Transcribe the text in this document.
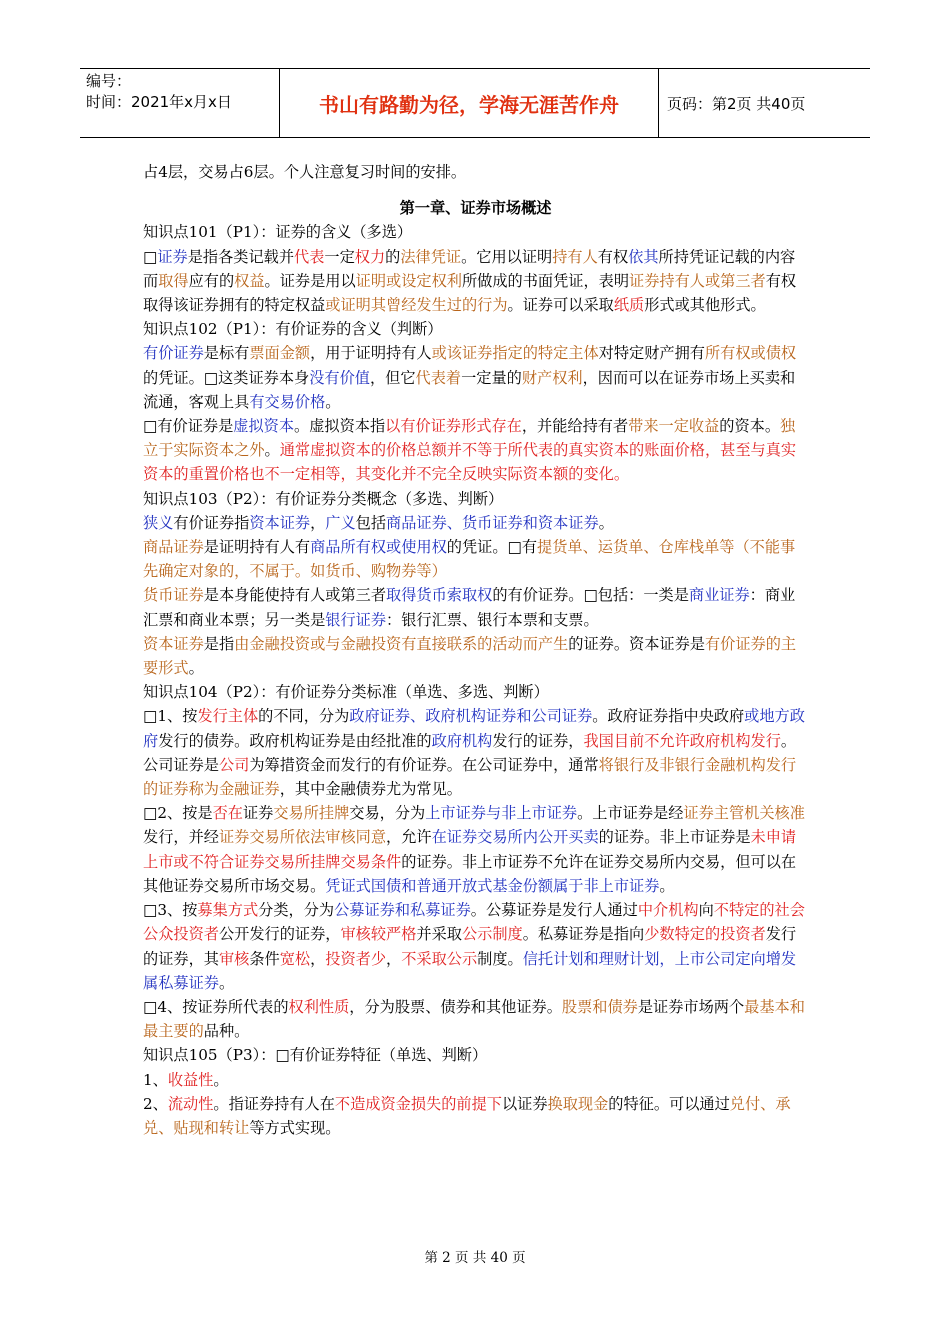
编号：
时间：2021年x月x日	书山有路勤为径，学海无涯苦作舟	页码：第2页 共40页

占4层，交易占6层。个人注意复习时间的安排。

第一章、证券市场概述

知识点101（P1）：证券的含义（多选）

□证券是指各类记载并代表一定权力的法律凭证。它用以证明持有人有权依其所持凭证记载的内容而取得应有的权益。证券是用以证明或设定权利所做成的书面凭证，表明证券持有人或第三者有权取得该证券拥有的特定权益或证明其曾经发生过的行为。证券可以采取纸质形式或其他形式。

知识点102（P1）：有价证券的含义（判断）

有价证券是标有票面金额，用于证明持有人或该证券指定的特定主体对特定财产拥有所有权或债权的凭证。□这类证券本身没有价值，但它代表着一定量的财产权利，因而可以在证券市场上买卖和流通，客观上具有交易价格。

□有价证券是虚拟资本。虚拟资本指以有价证券形式存在，并能给持有者带来一定收益的资本。独立于实际资本之外。通常虚拟资本的价格总额并不等于所代表的真实资本的账面价格，甚至与真实资本的重置价格也不一定相等，其变化并不完全反映实际资本额的变化。

知识点103（P2）：有价证券分类概念（多选、判断）

狭义有价证券指资本证券，广义包括商品证券、货币证券和资本证券。

商品证券是证明持有人有商品所有权或使用权的凭证。□有提货单、运货单、仓库栈单等（不能事先确定对象的，不属于。如货币、购物券等）

货币证券是本身能使持有人或第三者取得货币索取权的有价证券。□包括：一类是商业证券：商业汇票和商业本票；另一类是银行证券：银行汇票、银行本票和支票。

资本证券是指由金融投资或与金融投资有直接联系的活动而产生的证券。资本证券是有价证券的主要形式。

知识点104（P2）：有价证券分类标准（单选、多选、判断）

□1、按发行主体的不同，分为政府证券、政府机构证券和公司证券。政府证券指中央政府或地方政府发行的债券。政府机构证券是由经批准的政府机构发行的证券，我国目前不允许政府机构发行。公司证券是公司为筹措资金而发行的有价证券。在公司证券中，通常将银行及非银行金融机构发行的证券称为金融证券，其中金融债券尤为常见。

□2、按是否在证券交易所挂牌交易，分为上市证券与非上市证券。上市证券是经证券主管机关核准发行，并经证券交易所依法审核同意，允许在证券交易所内公开买卖的证券。非上市证券是未申请上市或不符合证券交易所挂牌交易条件的证券。非上市证券不允许在证券交易所内交易，但可以在其他证券交易所市场交易。凭证式国债和普通开放式基金份额属于非上市证券。

□3、按募集方式分类，分为公募证券和私募证券。公募证券是发行人通过中介机构向不特定的社会公众投资者公开发行的证券，审核较严格并采取公示制度。私募证券是指向少数特定的投资者发行的证券，其审核条件宽松，投资者少，不采取公示制度。信托计划和理财计划，上市公司定向增发属私募证券。

□4、按证券所代表的权利性质，分为股票、债券和其他证券。股票和债券是证券市场两个最基本和最主要的品种。

知识点105（P3）：□有价证券特征（单选、判断）

1、收益性。

2、流动性。指证券持有人在不造成资金损失的前提下以证券换取现金的特征。可以通过兑付、承兑、贴现和转让等方式实现。

第 2 页 共 40 页
